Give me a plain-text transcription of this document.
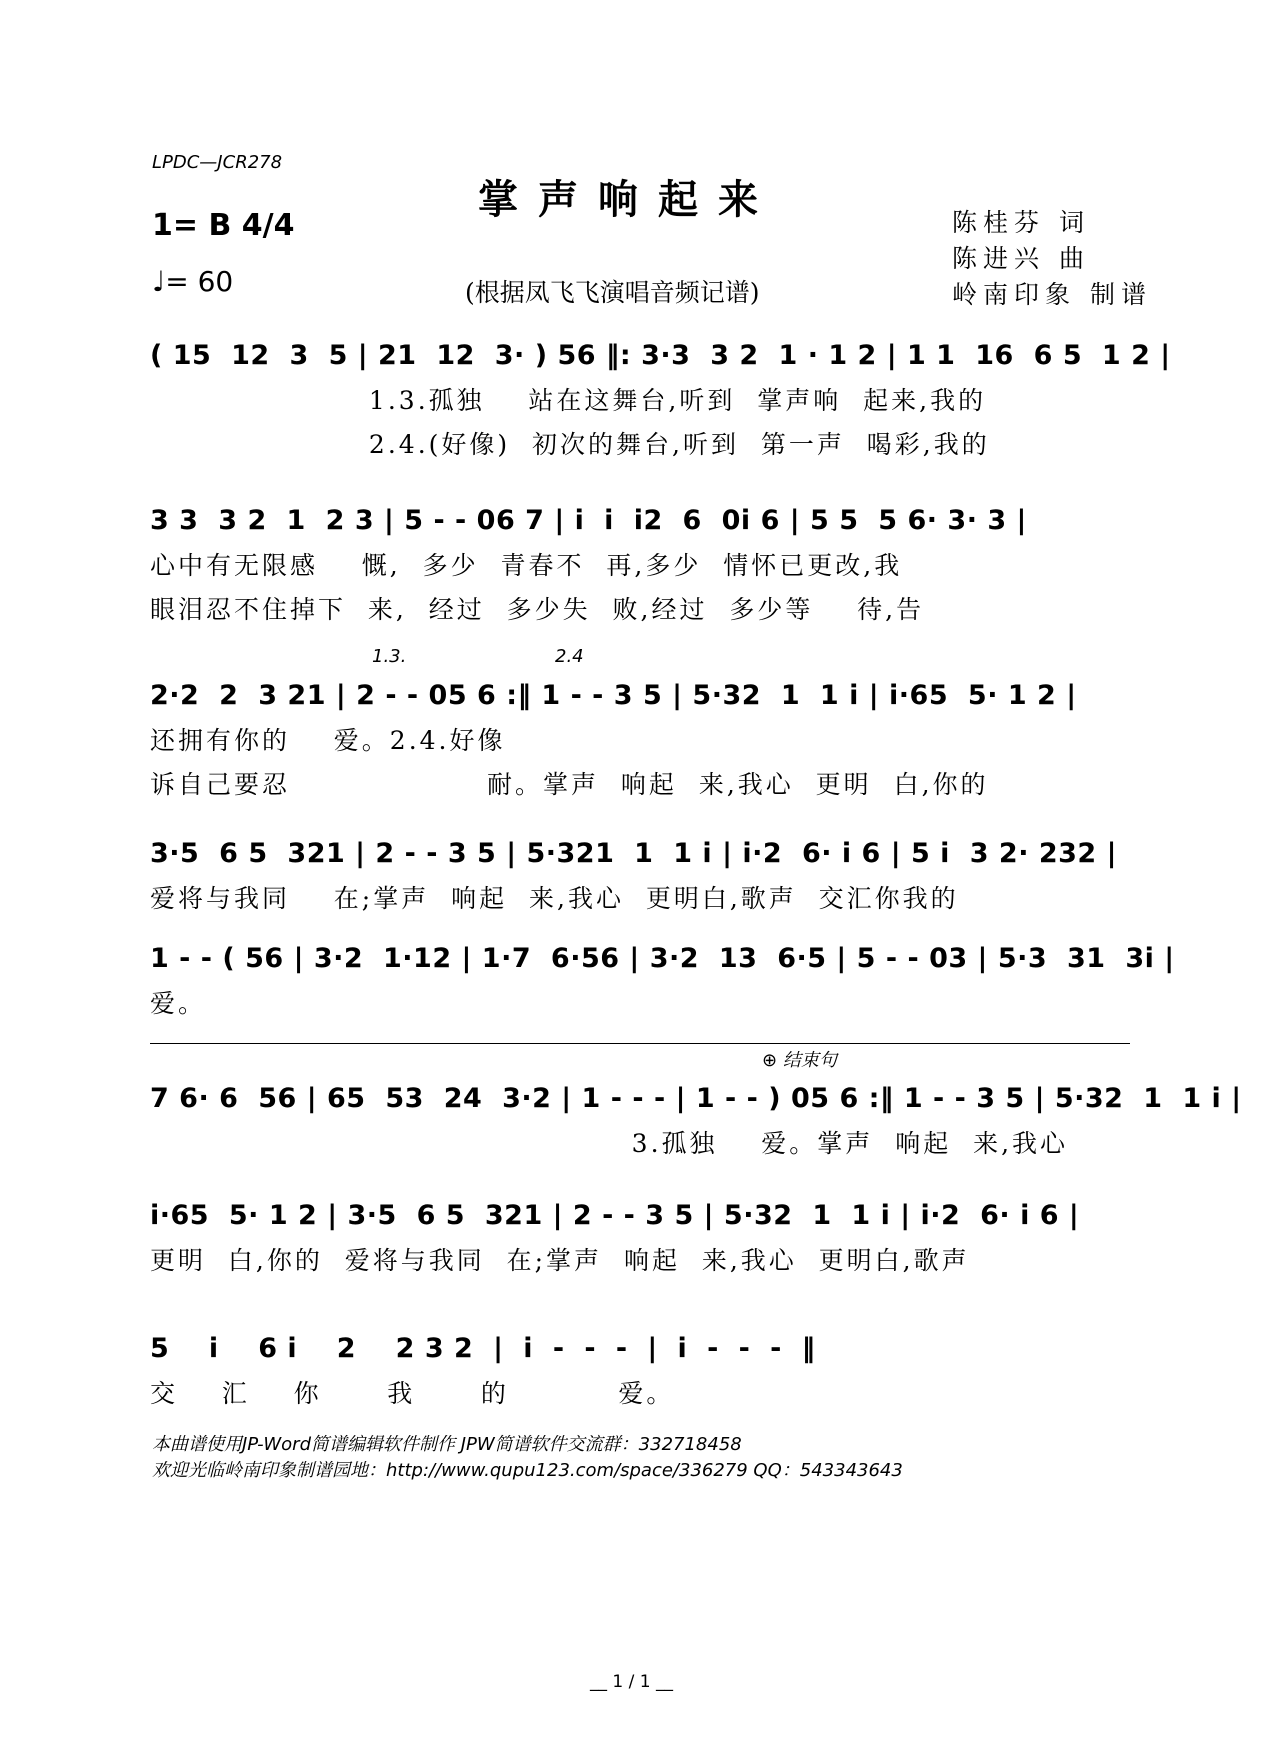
LPDC—JCR278
掌声响起来
1= B 4/4
♩= 60	(根据凤飞飞演唱音频记谱)
陈桂芬 词
陈进兴 曲
岭南印象 制谱
( 15  12  3  5 | 21  12  3· ) 56 ‖: 3·3  3 2  1 · 1 2 | 1 1  16  6 5  1 2 |
1.3.孤独    站在这舞台,听到  掌声响  起来,我的
2.4.(好像)  初次的舞台,听到  第一声  喝彩,我的
3 3  3 2  1  2 3 | 5 - - 06 7 | i  i  i2  6  0i 6 | 5 5  5 6· 3· 3 |
心中有无限感    慨,  多少  青春不  再,多少  情怀已更改,我
眼泪忍不住掉下  来,  经过  多少失  败,经过  多少等    待,告
1.3.	2.4
2·2  2  3 21 | 2 - - 05 6 :‖ 1 - - 3 5 | 5·32  1  1 i | i·65  5· 1 2 |
还拥有你的    爱。2.4.好像
诉自己要忍                  耐。掌声  响起  来,我心  更明  白,你的
3·5  6 5  321 | 2 - - 3 5 | 5·321  1  1 i | i·2  6· i 6 | 5 i  3 2· 232 |
爱将与我同    在;掌声  响起  来,我心  更明白,歌声  交汇你我的
1 - - ( 56 | 3·2  1·12 | 1·7  6·56 | 3·2  13  6·5 | 5 - - 03 | 5·3  31  3i |
爱。
⊕ 结束句
7 6· 6  56 | 65  53  24  3·2 | 1 - - - | 1 - - ) 05 6 :‖ 1 - - 3 5 | 5·32  1  1 i |
3.孤独    爱。掌声  响起  来,我心
i·65  5· 1 2 | 3·5  6 5  321 | 2 - - 3 5 | 5·32  1  1 i | i·2  6· i 6 |
更明  白,你的  爱将与我同  在;掌声  响起  来,我心  更明白,歌声
5    i    6 i    2    2 3 2  |  i  -  -  -  |  i  -  -  -  ‖
交    汇    你      我      的          爱。
本曲谱使用JP-Word简谱编辑软件制作 JPW简谱软件交流群：332718458
欢迎光临岭南印象制谱园地：http://www.qupu123.com/space/336279 QQ：543343643
__ 1 / 1 __
